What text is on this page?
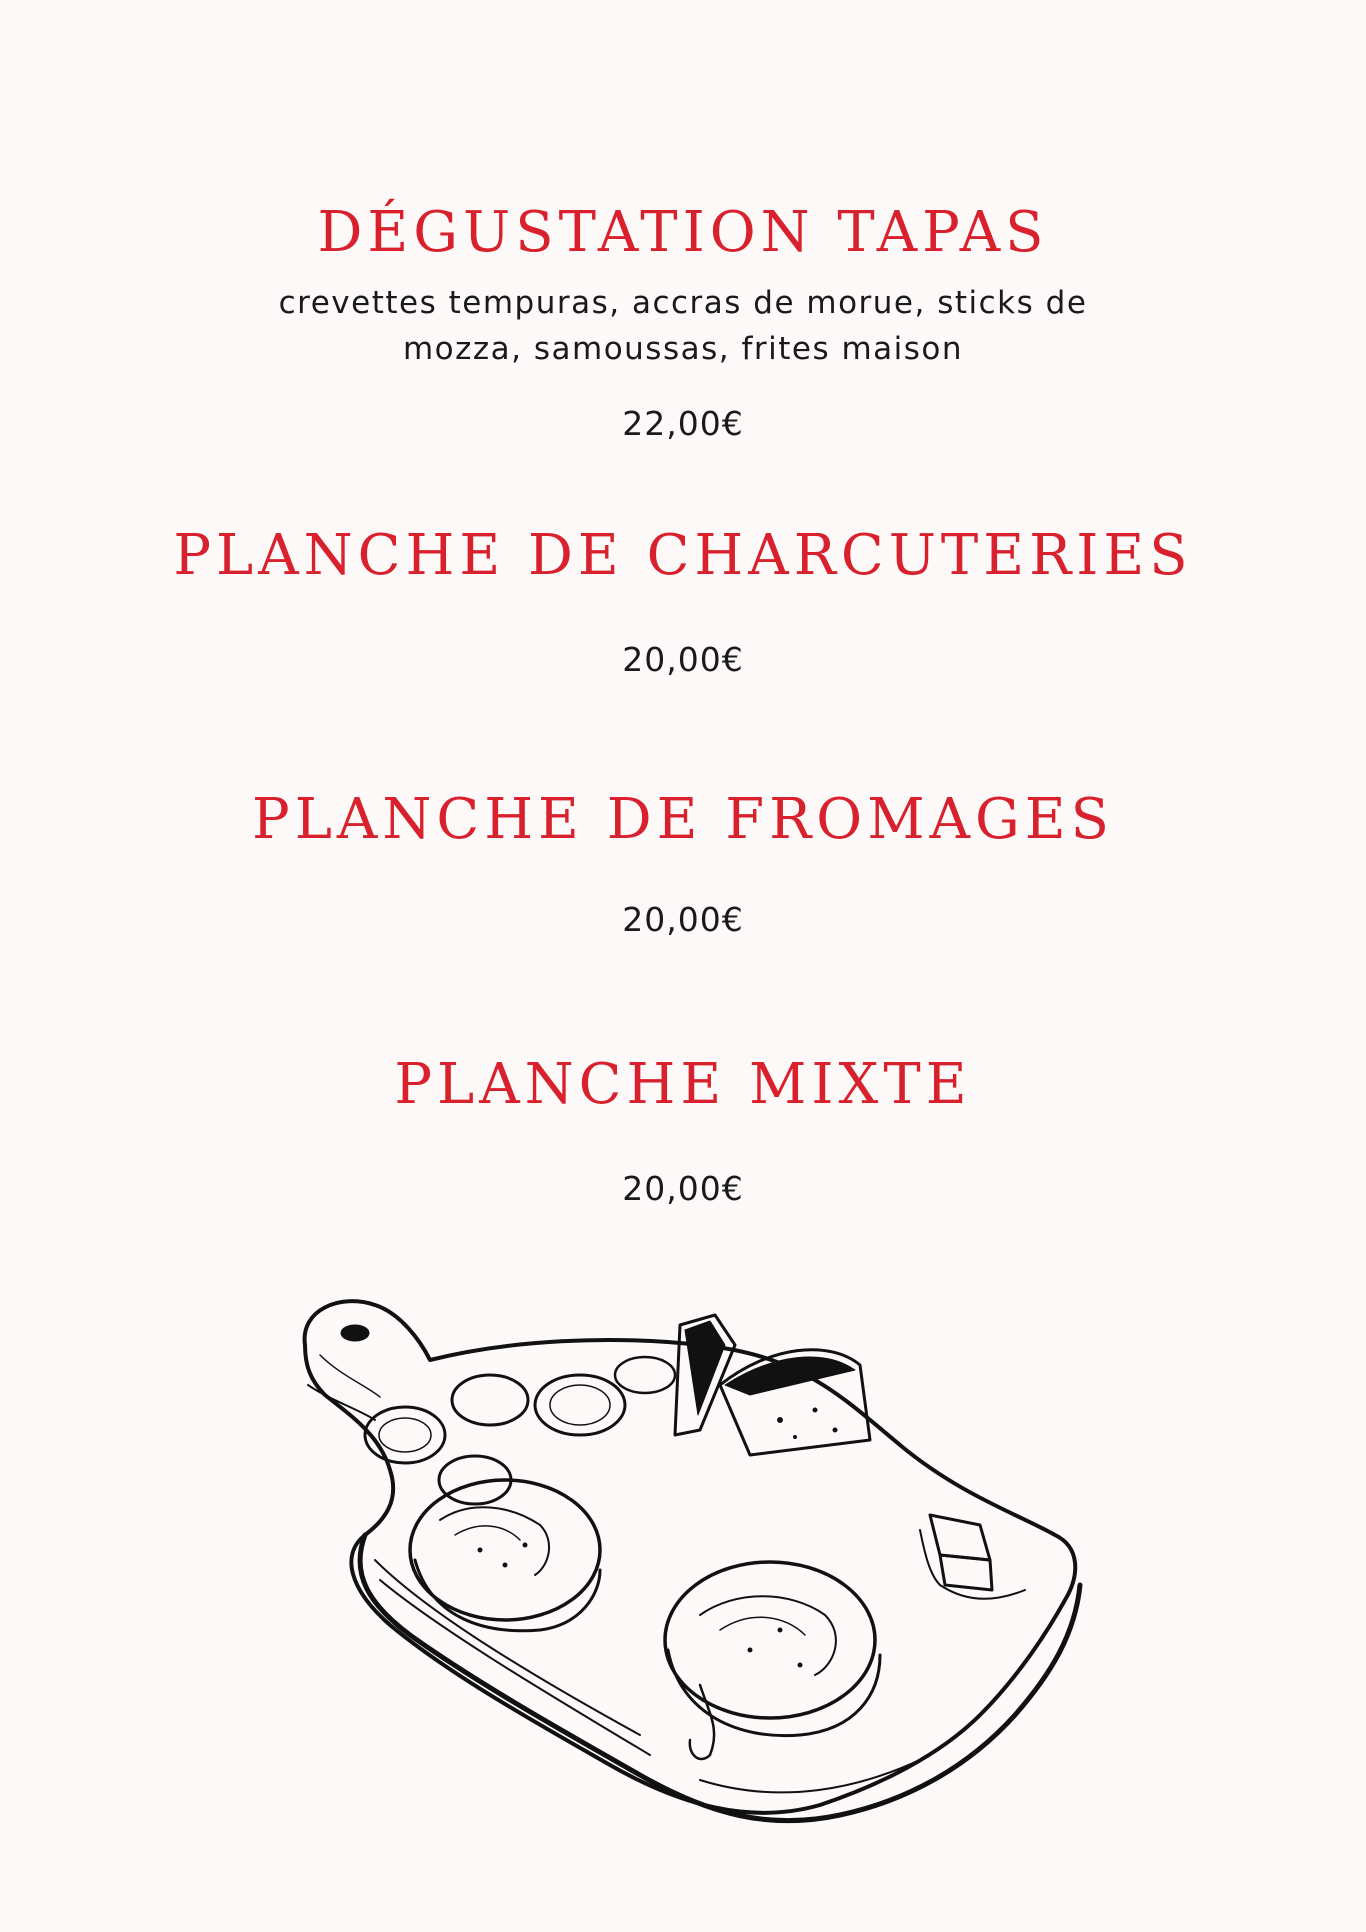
DÉGUSTATION TAPAS
crevettes tempuras, accras de morue, sticks de
mozza, samoussas, frites maison
22,00€
PLANCHE DE CHARCUTERIES
20,00€
PLANCHE DE FROMAGES
20,00€
PLANCHE MIXTE
20,00€
